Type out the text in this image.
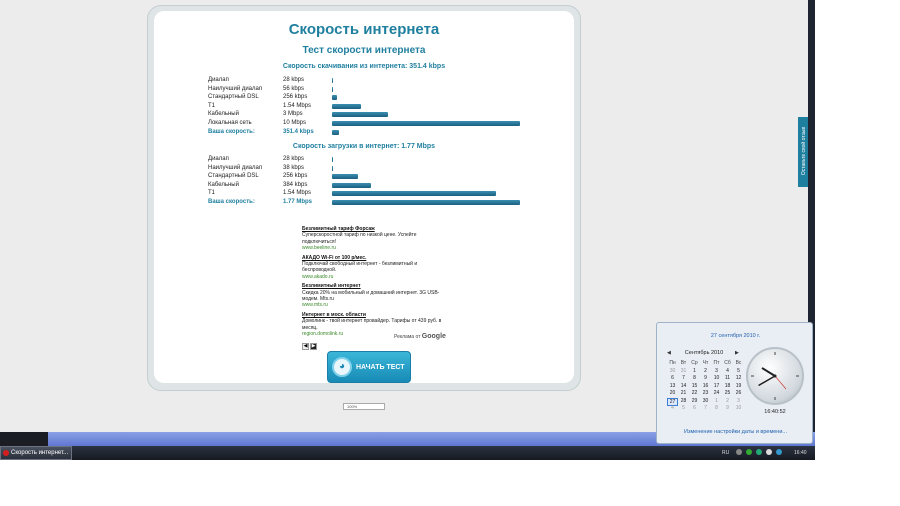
Скорость интернета
Тест скорости интернета
Скорость скачивания из интернета: 351.4 kbps
Диалап	28 kbps
Наилучший диалап	56 kbps
Стандартный DSL	256 kbps
T1	1.54 Mbps
Кабельный	3 Mbps
Локальная сеть	10 Mbps
Ваша скорость:	351.4 kbps
Скорость загрузки в интернет: 1.77 Mbps
Диалап	28 kbps
Наилучший диалап	38 kbps
Стандартный DSL	256 kbps
Кабельный	384 kbps
T1	1.54 Mbps
Ваша скорость:	1.77 Mbps
Безлимитный тариф Форсаж
Суперскоростной тариф по низкой цене. Успейте подключиться!
www.beeline.ru
АКАДО Wi-Fi от 100 р/мес.
Подключай свободный интернет - безлимитный и беспроводной.
www.akado.ru
Безлимитный интернет
Скидка 20% на мобильный и домашний интернет. 3G USB-модем. Mts.ru
www.mts.ru
Интернет в моск. области
Домолинк - твой интернет провайдер. Тарифы от 439 руб. в месяц.
region.domolink.ru
◀ ▶
Реклама от Google
◕	НАЧАТЬ ТЕСТ
100%
Оставьте свой отзыв
Скорость интернет...	RU	16:40
27 сентября 2010 г.
◀	Сентябрь 2010	▶
Пн	Вт	Ср Чт	Пт Сб Вс
30	31	1	2	3	4	5
6	7	8	9	10	11	12
13	14	15	16	17	18	19
20	21	22	23	24	25	26
27	28	29	30	1	2	3
4	5	6	7	8	9	10
16:40:52
Изменение настройки даты и времени...
